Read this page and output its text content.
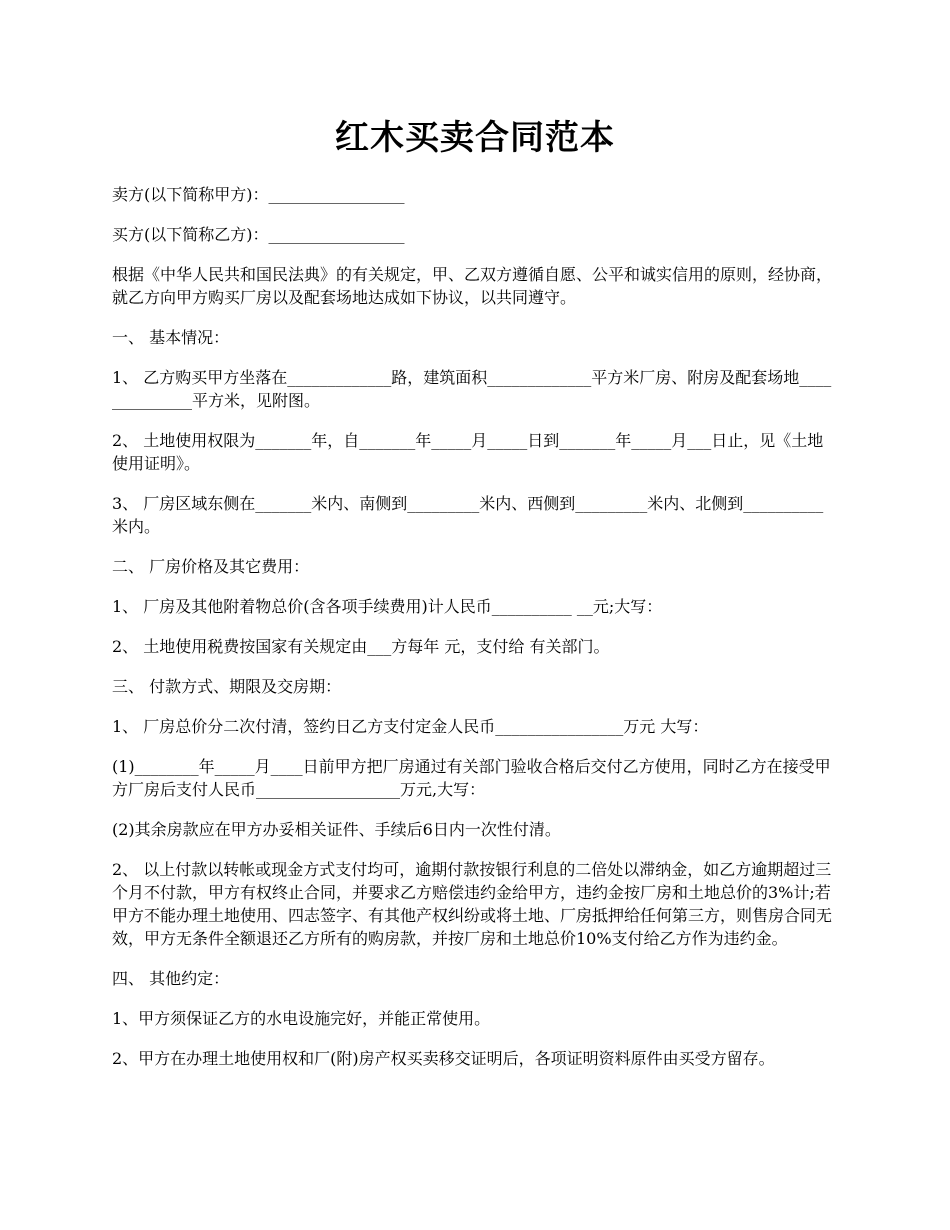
红木买卖合同范本
卖方(以下简称甲方)：_________________
买方(以下简称乙方)：_________________
根据《中华人民共和国民法典》的有关规定，甲、乙双方遵循自愿、公平和诚实信用的原则，经协商，就乙方向甲方购买厂房以及配套场地达成如下协议，以共同遵守。
一、 基本情况：
1、 乙方购买甲方坐落在_____________路，建筑面积_____________平方米厂房、附房及配套场地______________平方米，见附图。
2、 土地使用权限为_______年，自_______年_____月_____日到_______年_____月___日止，见《土地使用证明》。
3、 厂房区域东侧在_______米内、南侧到_________米内、西侧到_________米内、北侧到__________米内。
二、 厂房价格及其它费用：
1、 厂房及其他附着物总价(含各项手续费用)计人民币__________ __元;大写：
2、 土地使用税费按国家有关规定由___方每年 元，支付给 有关部门。
三、 付款方式、期限及交房期：
1、 厂房总价分二次付清，签约日乙方支付定金人民币________________万元 大写：
(1)________年_____月____日前甲方把厂房通过有关部门验收合格后交付乙方使用，同时乙方在接受甲方厂房后支付人民币__________________万元,大写：
(2)其余房款应在甲方办妥相关证件、手续后6日内一次性付清。
2、 以上付款以转帐或现金方式支付均可，逾期付款按银行利息的二倍处以滞纳金，如乙方逾期超过三个月不付款，甲方有权终止合同，并要求乙方赔偿违约金给甲方，违约金按厂房和土地总价的3%计;若甲方不能办理土地使用、四志签字、有其他产权纠纷或将土地、厂房抵押给任何第三方，则售房合同无效，甲方无条件全额退还乙方所有的购房款，并按厂房和土地总价10%支付给乙方作为违约金。
四、 其他约定：
1、甲方须保证乙方的水电设施完好，并能正常使用。
2、甲方在办理土地使用权和厂(附)房产权买卖移交证明后，各项证明资料原件由买受方留存。
